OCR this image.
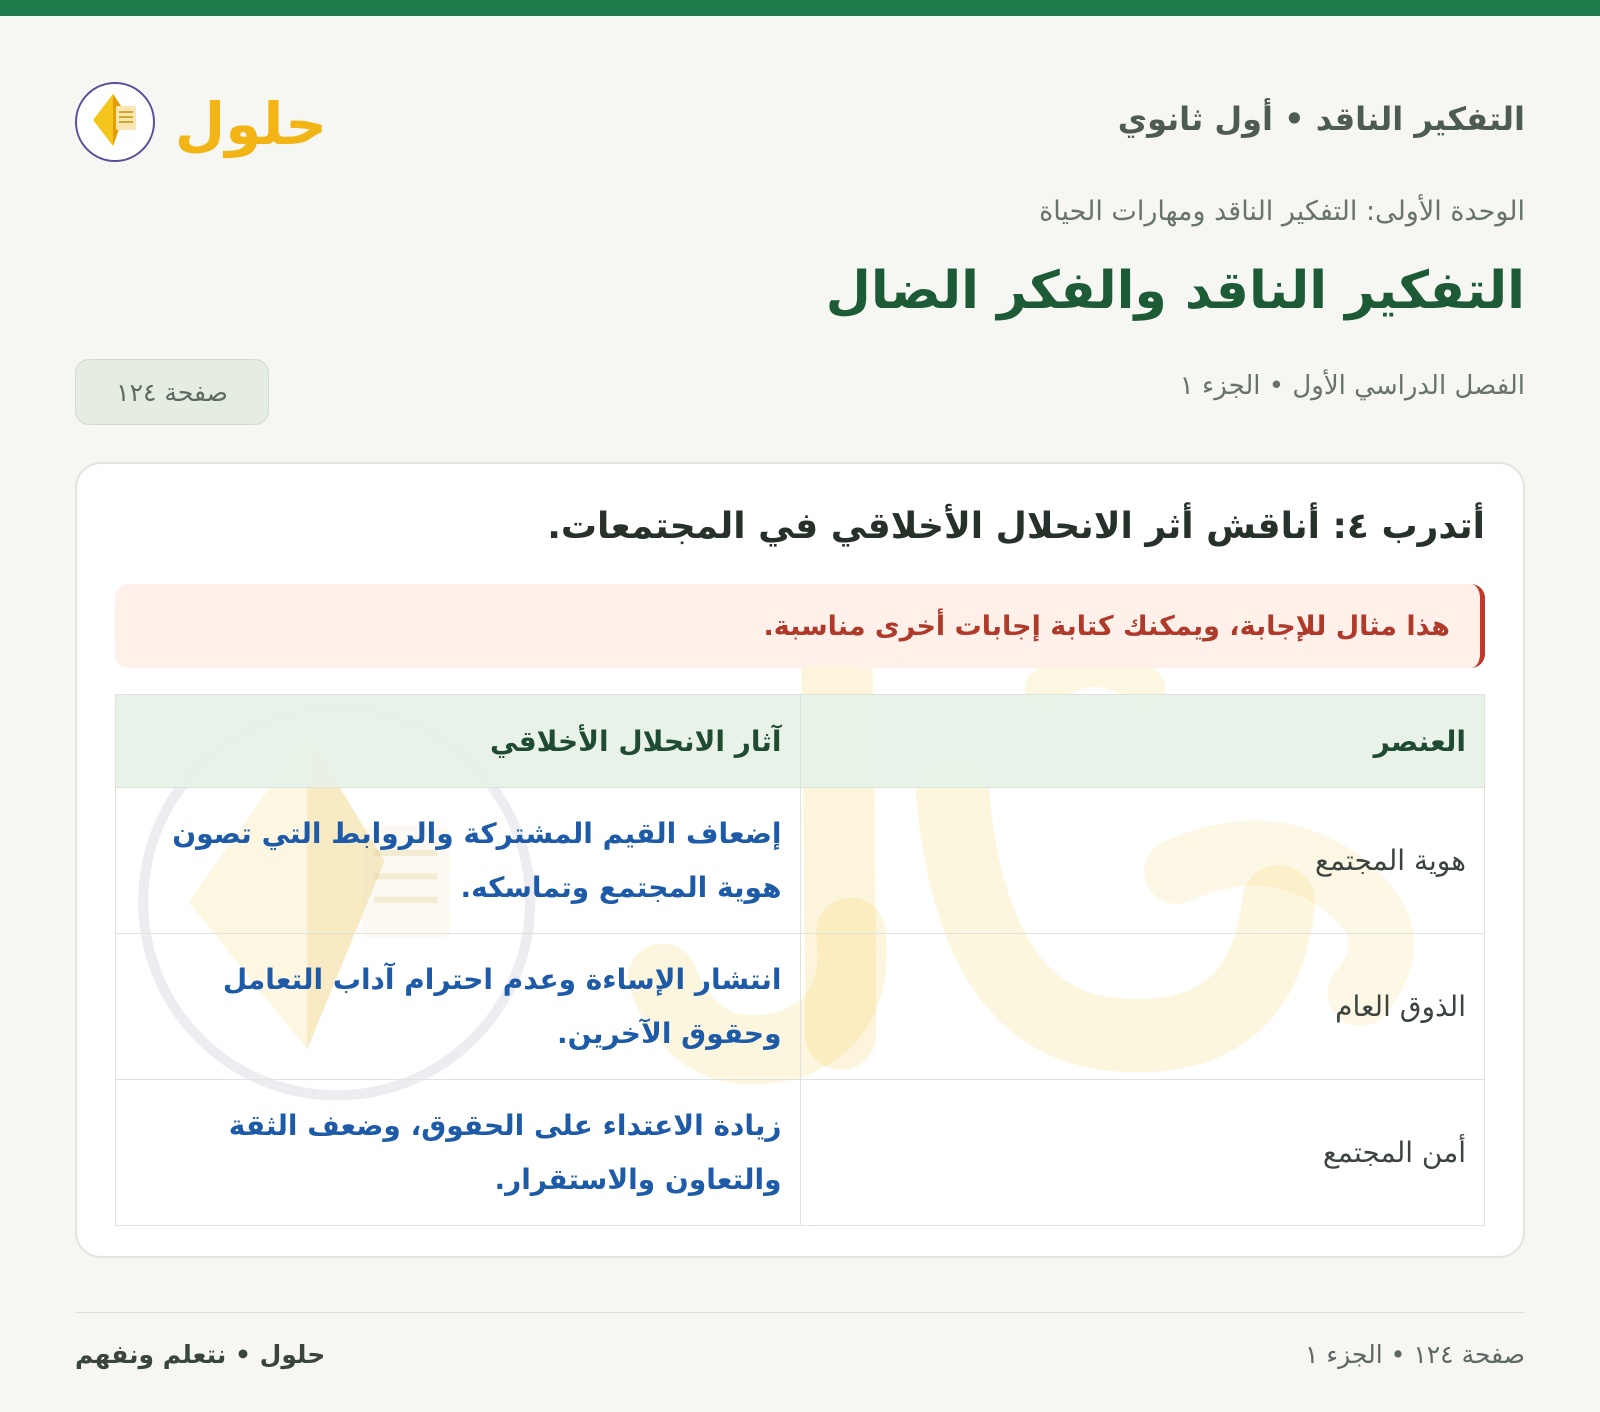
التفكير الناقد • أول ثانوي
حلول
الوحدة الأولى: التفكير الناقد ومهارات الحياة
التفكير الناقد والفكر الضال
الفصل الدراسي الأول • الجزء ١
صفحة ١٢٤
أتدرب ٤: أناقش أثر الانحلال الأخلاقي في المجتمعات.
هذا مثال للإجابة، ويمكنك كتابة إجابات أخرى مناسبة.
العنصر	آثار الانحلال الأخلاقي
هوية المجتمع	إضعاف القيم المشتركة والروابط التي تصون هوية المجتمع وتماسكه.
الذوق العام	انتشار الإساءة وعدم احترام آداب التعامل وحقوق الآخرين.
أمن المجتمع	زيادة الاعتداء على الحقوق، وضعف الثقة والتعاون والاستقرار.
حلول • نتعلم ونفهم	صفحة ١٢٤ • الجزء ١
